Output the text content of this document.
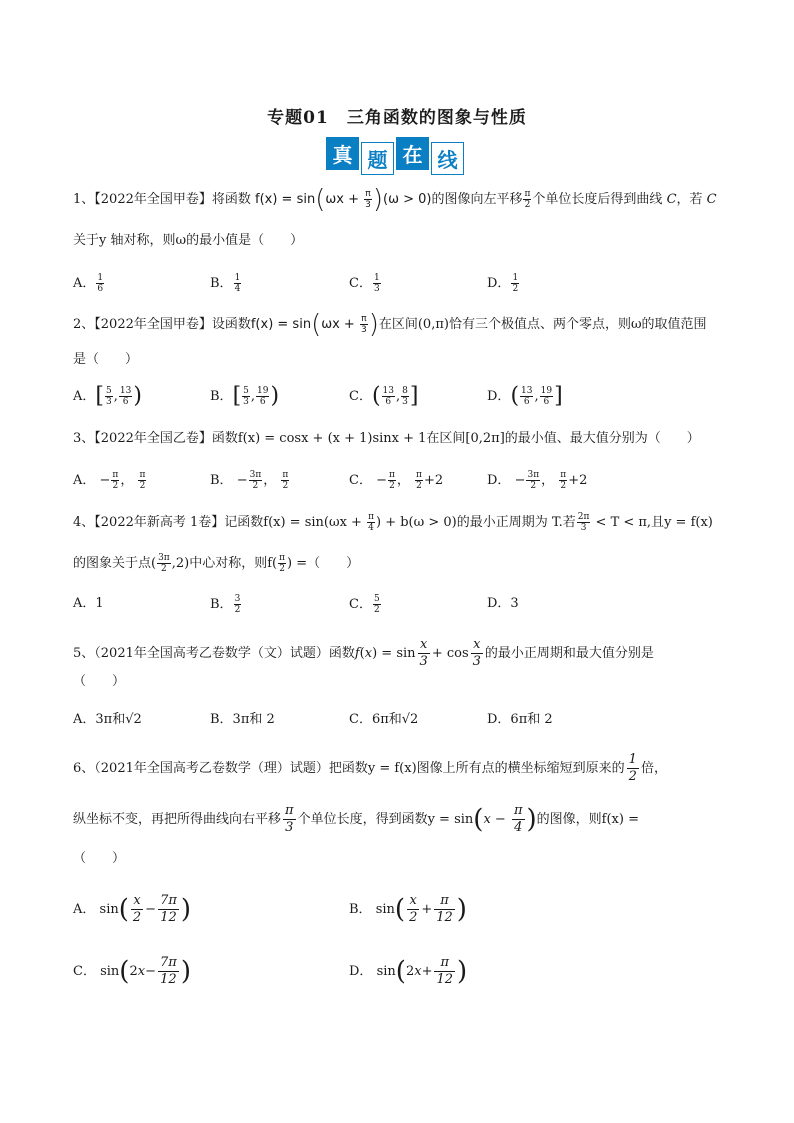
专题01　三角函数的图象与性质
真 题 在 线
1、【2022年全国甲卷】将函数 $f(x) = \sin(\omega x + \frac{\pi}{3} )(\omega > 0)$的图像向左平移 $\frac{\pi}{2}$ 个单位长度后得到曲线 C，若 C
关于y 轴对称，则ω的最小值是（　　）
A． $\frac{1}{6}$	B． $\frac{1}{4}$	C． $\frac{1}{3}$	D． $\frac{1}{2}$
2、【2022年全国甲卷】设函数$f(x) = \sin(\omega x + \frac{\pi}{3}$ )在区间(0,π)恰有三个极值点、两个零点，则ω的取值范围
是（　　）
A．[ $\frac{5}{3}$ , $\frac{13}{6}$ )	B．[ $\frac{5}{3}$ , $\frac{19}{6}$ )	C．( $\frac{13}{6}$ , $\frac{8}{3}$ ]	D．( $\frac{13}{6}$ , $\frac{19}{6}$ ]
3、【2022年全国乙卷】函数f(x) = cosx + (x + 1)sinx + 1在区间[0,2π]的最小值、最大值分别为（　　）
A． − $\frac{\pi}{2}$ ， $\frac{\pi}{2}$	B． − $\frac{3\pi}{2}$ ， $\frac{\pi}{2}$	C． − $\frac{\pi}{2}$ ， $\frac{\pi}{2} +2$	D． − $\frac{3\pi}{2}$ ， $\frac{\pi}{2} +2$
4、【2022年新高考 1卷】记函数$f(x) = \sin(\omega x + \frac{\pi}{4}$ ) + b(ω > 0)的最小正周期为 T.若 $\frac{2\pi}{3} < T < \pi$,且y = f(x)
的图象关于点( $\frac{3\pi}{2} ,2$)中心对称，则$f( \frac{\pi}{2}$ ) =（　　）
A．1	B． $\frac{3}{2}$	C． $\frac{5}{2}$	D．3
5、（2021年全国高考乙卷数学（文）试题）函数$f(x) = \sin \frac{x}{3} + \cos \frac{x}{3}$ 的最小正周期和最大值分别是
（　　）
A．3π和√2	B．3π和 2	C．6π和√2	D．6π和 2
6、（2021年全国高考乙卷数学（理）试题）把函数y = f(x)图像上所有点的横坐标缩短到原来的 $\frac{1}{2}$ 倍，
纵坐标不变，再把所得曲线向右平移 $\frac{\pi}{3}$ 个单位长度，得到函数$y = \sin(x - \frac{\pi}{4}$ )的图像，则f(x) =
（　　）
A． $\sin( \frac{x}{2} - \frac{7\pi}{12}$ )	B． $\sin( \frac{x}{2} + \frac{\pi}{12}$ )
C． $\sin(2x- \frac{7\pi}{12}$ )	D． $\sin(2x+ \frac{\pi}{12}$ )
